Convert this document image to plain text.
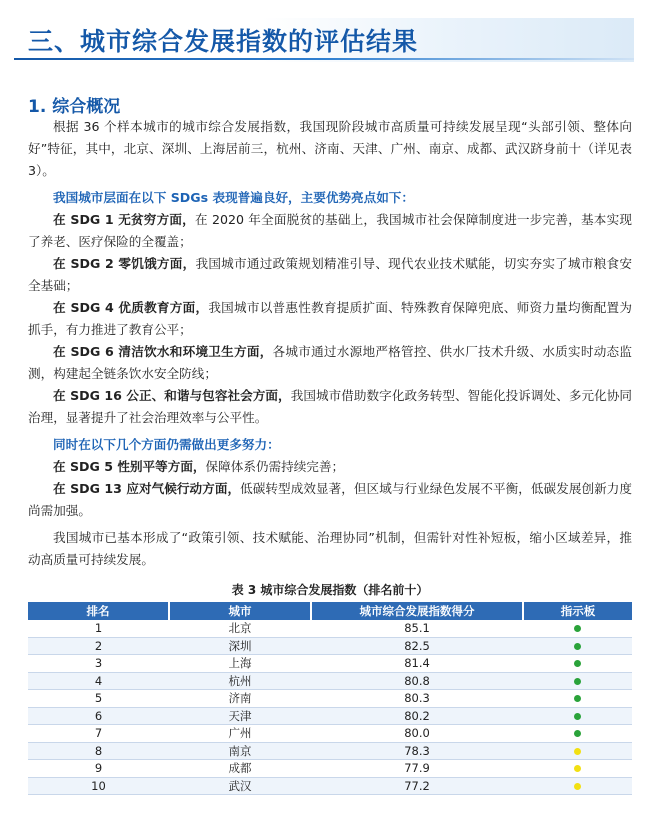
三、城市综合发展指数的评估结果
1. 综合概况

根据 36 个样本城市的城市综合发展指数，我国现阶段城市高质量可持续发展呈现“头部引领、整体向好”特征，其中，北京、深圳、上海居前三，杭州、济南、天津、广州、南京、成都、武汉跻身前十（详见表 3）。

我国城市层面在以下 SDGs 表现普遍良好，主要优势亮点如下：

在 SDG 1 无贫穷方面，在 2020 年全面脱贫的基础上，我国城市社会保障制度进一步完善，基本实现了养老、医疗保险的全覆盖；

在 SDG 2 零饥饿方面，我国城市通过政策规划精准引导、现代农业技术赋能，切实夯实了城市粮食安全基础；

在 SDG 4 优质教育方面，我国城市以普惠性教育提质扩面、特殊教育保障兜底、师资力量均衡配置为抓手，有力推进了教育公平；

在 SDG 6 清洁饮水和环境卫生方面，各城市通过水源地严格管控、供水厂技术升级、水质实时动态监测，构建起全链条饮水安全防线；

在 SDG 16 公正、和谐与包容社会方面，我国城市借助数字化政务转型、智能化投诉调处、多元化协同治理，显著提升了社会治理效率与公平性。

同时在以下几个方面仍需做出更多努力：

在 SDG 5 性别平等方面，保障体系仍需持续完善；

在 SDG 13 应对气候行动方面，低碳转型成效显著，但区域与行业绿色发展不平衡，低碳发展创新力度尚需加强。

我国城市已基本形成了“政策引领、技术赋能、治理协同”机制，但需针对性补短板，缩小区域差异，推动高质量可持续发展。

表 3 城市综合发展指数（排名前十）
排名	城市	城市综合发展指数得分	指示板
1	北京	85.1	
2	深圳	82.5	
3	上海	81.4	
4	杭州	80.8	
5	济南	80.3	
6	天津	80.2	
7	广州	80.0	
8	南京	78.3	
9	成都	77.9	
10	武汉	77.2	
